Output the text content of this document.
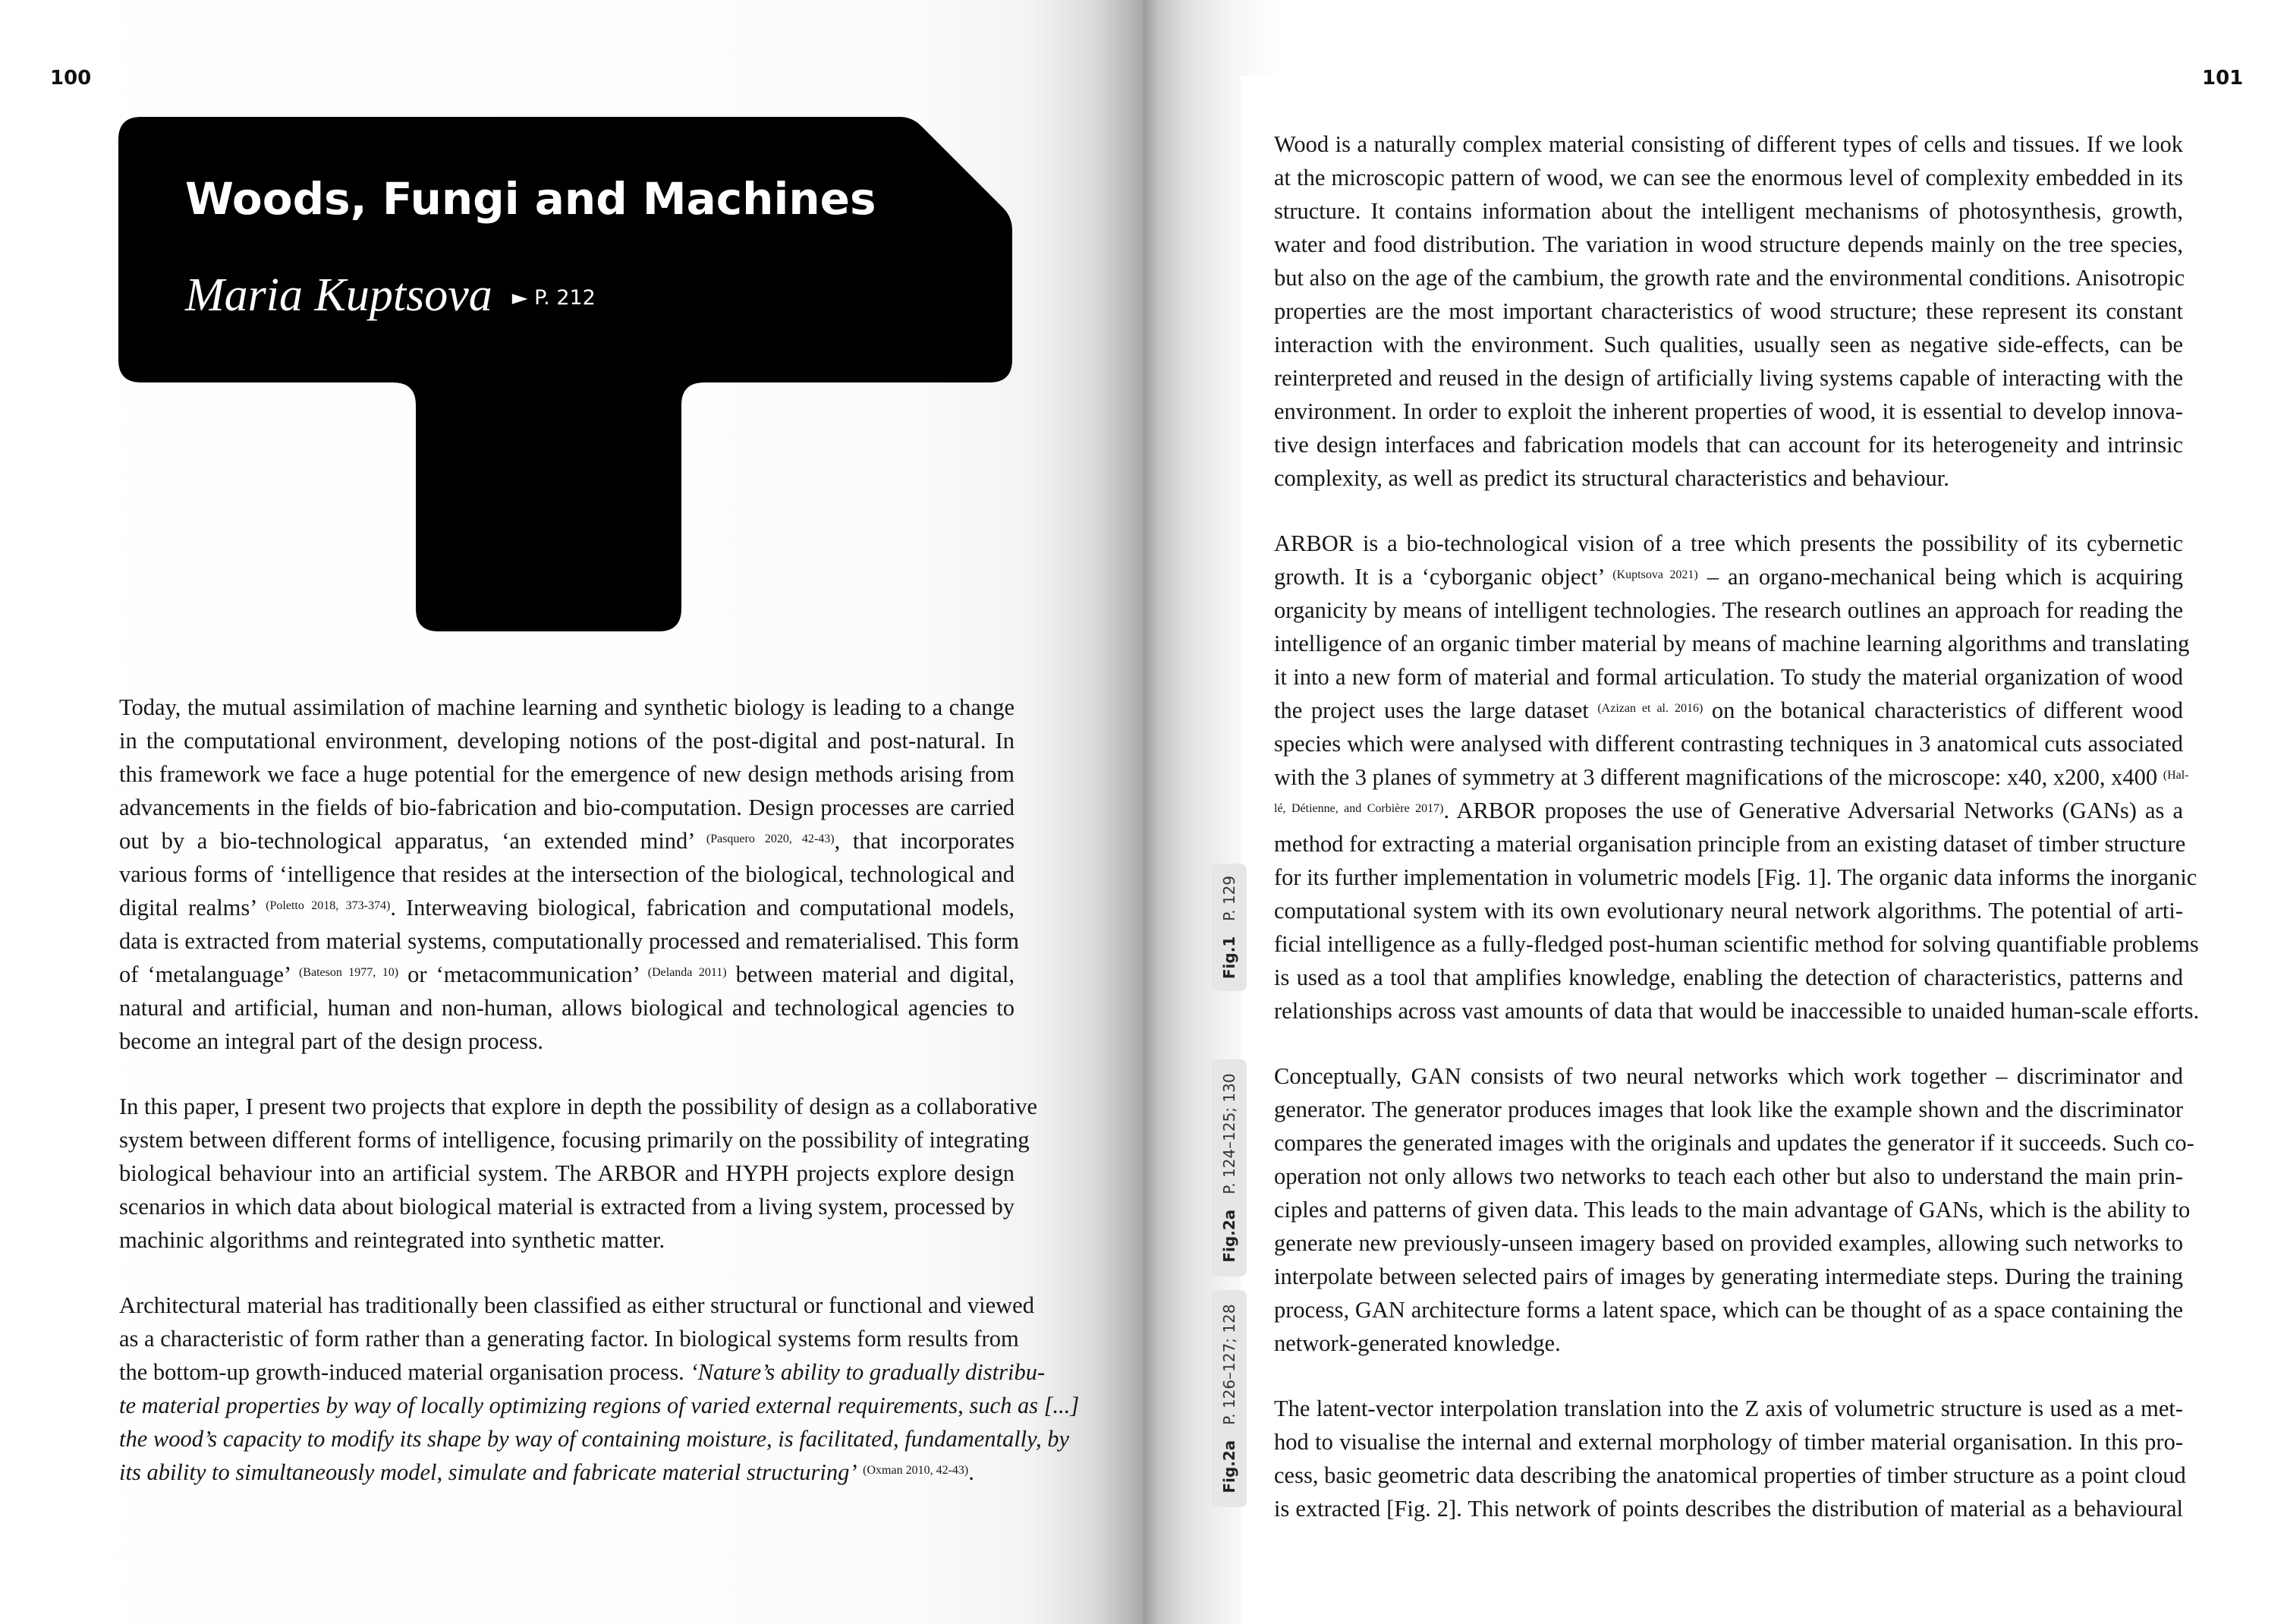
100
Woods, Fungi and Machines
Maria Kuptsova ► P. 212

Today, the mutual assimilation of machine learning and synthetic biology is leading to a change
in the computational environment, developing notions of the post-digital and post-natural. In
this framework we face a huge potential for the emergence of new design methods arising from
advancements in the fields of bio-fabrication and bio-computation. Design processes are carried
out by a bio-technological apparatus, ‘an extended mind’ $^{(Pasquero 2020, 42-43)}$, that incorporates
various forms of ‘intelligence that resides at the intersection of the biological, technological and
digital realms’ $^{(Poletto 2018, 373-374)}$. Interweaving biological, fabrication and computational models,
data is extracted from material systems, computationally processed and rematerialised. This form
of ‘metalanguage’ $^{(Bateson 1977, 10)}$ or ‘metacommunication’ $^{(Delanda 2011)}$ between material and digital,
natural and artificial, human and non-human, allows biological and technological agencies to
become an integral part of the design process.

In this paper, I present two projects that explore in depth the possibility of design as a collaborative
system between different forms of intelligence, focusing primarily on the possibility of integrating
biological behaviour into an artificial system. The ARBOR and HYPH projects explore design
scenarios in which data about biological material is extracted from a living system, processed by
machinic algorithms and reintegrated into synthetic matter.

Architectural material has traditionally been classified as either structural or functional and viewed
as a characteristic of form rather than a generating factor. In biological systems form results from
the bottom-up growth-induced material organisation process. ‘Nature’s ability to gradually distribu-
te material properties by way of locally optimizing regions of varied external requirements, such as [...]
the wood’s capacity to modify its shape by way of containing moisture, is facilitated, fundamentally, by
its ability to simultaneously model, simulate and fabricate material structuring’ $^{(Oxman 2010, 42-43)}$.

101
Fig.1P. 129
Fig.2aP. 124–125; 130
Fig.2aP. 126–127; 128

Wood is a naturally complex material consisting of different types of cells and tissues. If we look
at the microscopic pattern of wood, we can see the enormous level of complexity embedded in its
structure. It contains information about the intelligent mechanisms of photosynthesis, growth,
water and food distribution. The variation in wood structure depends mainly on the tree species,
but also on the age of the cambium, the growth rate and the environmental conditions. Anisotropic
properties are the most important characteristics of wood structure; these represent its constant
interaction with the environment. Such qualities, usually seen as negative side-effects, can be
reinterpreted and reused in the design of artificially living systems capable of interacting with the
environment. In order to exploit the inherent properties of wood, it is essential to develop innova-
tive design interfaces and fabrication models that can account for its heterogeneity and intrinsic
complexity, as well as predict its structural characteristics and behaviour.

ARBOR is a bio-technological vision of a tree which presents the possibility of its cybernetic
growth. It is a ‘cyborganic object’ $^{(Kuptsova 2021)}$ – an organo-mechanical being which is acquiring
organicity by means of intelligent technologies. The research outlines an approach for reading the
intelligence of an organic timber material by means of machine learning algorithms and translating
it into a new form of material and formal articulation. To study the material organization of wood
the project uses the large dataset $^{(Azizan et al. 2016)}$ on the botanical characteristics of different wood
species which were analysed with different contrasting techniques in 3 anatomical cuts associated
with the 3 planes of symmetry at 3 different magnifications of the microscope: x40, x200, x400 $^{(Hal-}$
$^{lé, Détienne, and Corbière 2017)}$. ARBOR proposes the use of Generative Adversarial Networks (GANs) as a
method for extracting a material organisation principle from an existing dataset of timber structure
for its further implementation in volumetric models [Fig. 1]. The organic data informs the inorganic
computational system with its own evolutionary neural network algorithms. The potential of arti-
ficial intelligence as a fully-fledged post-human scientific method for solving quantifiable problems
is used as a tool that amplifies knowledge, enabling the detection of characteristics, patterns and
relationships across vast amounts of data that would be inaccessible to unaided human-scale efforts.

Conceptually, GAN consists of two neural networks which work together – discriminator and
generator. The generator produces images that look like the example shown and the discriminator
compares the generated images with the originals and updates the generator if it succeeds. Such co-
operation not only allows two networks to teach each other but also to understand the main prin-
ciples and patterns of given data. This leads to the main advantage of GANs, which is the ability to
generate new previously-unseen imagery based on provided examples, allowing such networks to
interpolate between selected pairs of images by generating intermediate steps. During the training
process, GAN architecture forms a latent space, which can be thought of as a space containing the
network-generated knowledge.

The latent-vector interpolation translation into the Z axis of volumetric structure is used as a met-
hod to visualise the internal and external morphology of timber material organisation. In this pro-
cess, basic geometric data describing the anatomical properties of timber structure as a point cloud
is extracted [Fig. 2]. This network of points describes the distribution of material as a behavioural
